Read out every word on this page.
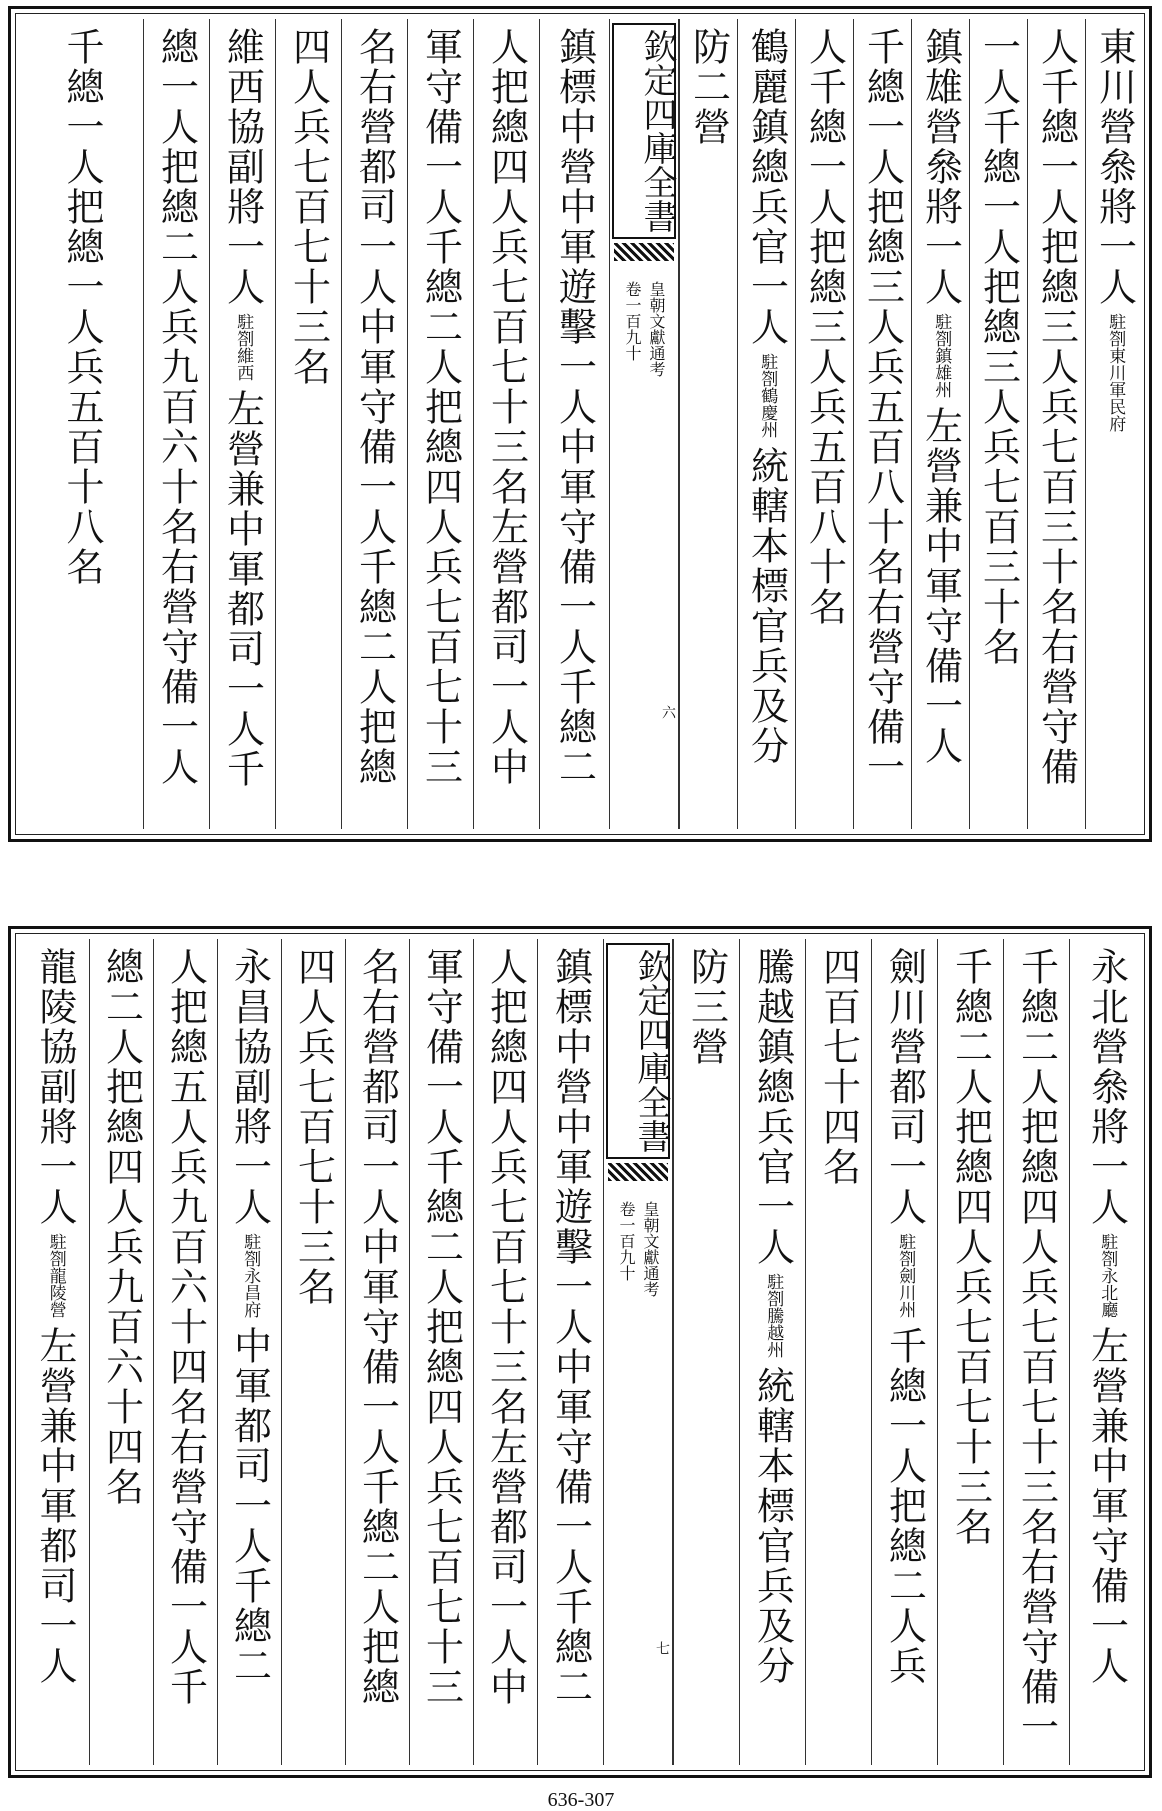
東川營叅將一人
駐劄東川軍民府
人千總一人把總三人兵七百三十名右營守備
一人千總一人把總三人兵七百三十名
鎮雄營叅將一人
駐劄鎮雄州
左營兼中軍守備一人
千總一人把總三人兵五百八十名右營守備一
人千總一人把總三人兵五百八十名
鶴麗鎮總兵官一人
駐劄鶴慶州
統轄本標官兵及分
防二營
欽定四庫全書
皇朝文獻通考
卷一百九十
六
鎮標中營中軍遊擊一人中軍守備一人千總二
人把總四人兵七百七十三名左營都司一人中
軍守備一人千總二人把總四人兵七百七十三
名右營都司一人中軍守備一人千總二人把總
四人兵七百七十三名
維西協副將一人
駐劄維西
左營兼中軍都司一人千
總一人把總二人兵九百六十名右營守備一人
千總一人把總一人兵五百十八名
永北營叅將一人
駐劄永北廳
左營兼中軍守備一人
千總二人把總四人兵七百七十三名右營守備一
千總二人把總四人兵七百七十三名
劍川營都司一人
駐劄劍川州
千總一人把總二人兵
四百七十四名
騰越鎮總兵官一人
駐劄騰越州
統轄本標官兵及分
防三營
欽定四庫全書
皇朝文獻通考
卷一百九十
七
鎮標中營中軍遊擊一人中軍守備一人千總二
人把總四人兵七百七十三名左營都司一人中
軍守備一人千總二人把總四人兵七百七十三
名右營都司一人中軍守備一人千總二人把總
四人兵七百七十三名
永昌協副將一人
駐劄永昌府
中軍都司一人千總二
人把總五人兵九百六十四名右營守備一人千
總二人把總四人兵九百六十四名
龍陵協副將一人
駐劄龍陵營
左營兼中軍都司一人
636-307
